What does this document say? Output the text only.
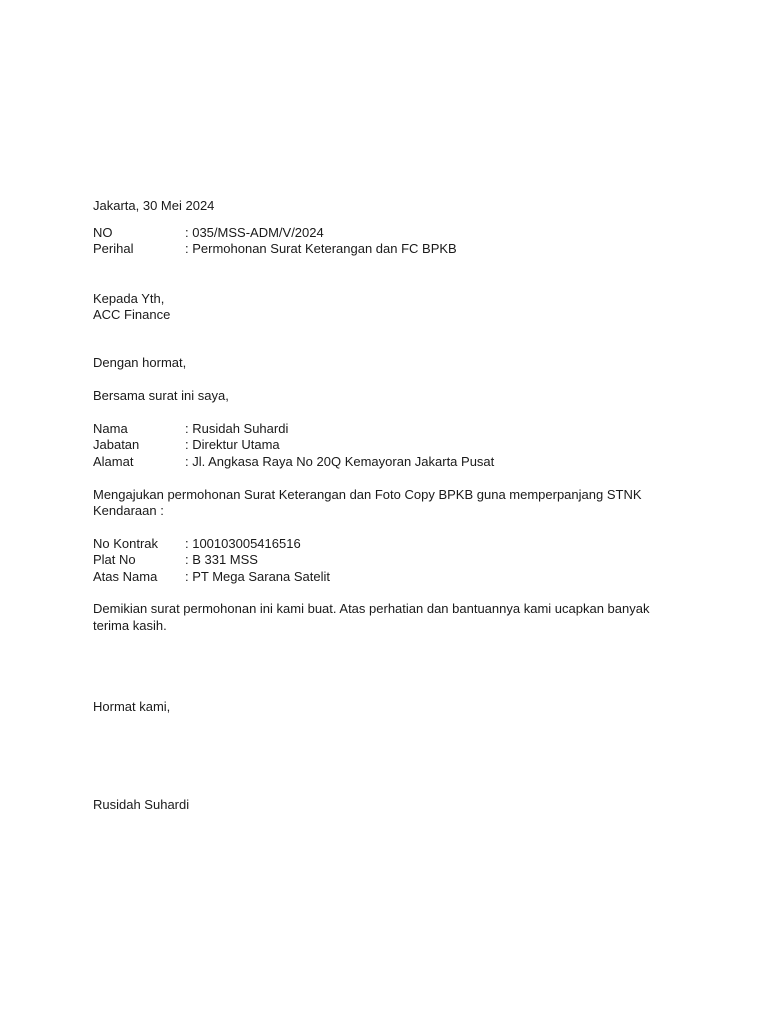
Jakarta, 30 Mei 2024
NO	: 035/MSS-ADM/V/2024
Perihal	: Permohonan Surat Keterangan dan FC BPKB
Kepada Yth,
ACC Finance
Dengan hormat,
Bersama surat ini saya,
Nama	: Rusidah Suhardi
Jabatan	: Direktur Utama
Alamat	: Jl. Angkasa Raya No 20Q Kemayoran Jakarta Pusat
Mengajukan permohonan Surat Keterangan dan Foto Copy BPKB guna memperpanjang STNK
Kendaraan :
No Kontrak : 100103005416516
Plat No	: B 331 MSS
Atas Nama : PT Mega Sarana Satelit
Demikian surat permohonan ini kami buat. Atas perhatian dan bantuannya kami ucapkan banyak
terima kasih.
Hormat kami,
Rusidah Suhardi
